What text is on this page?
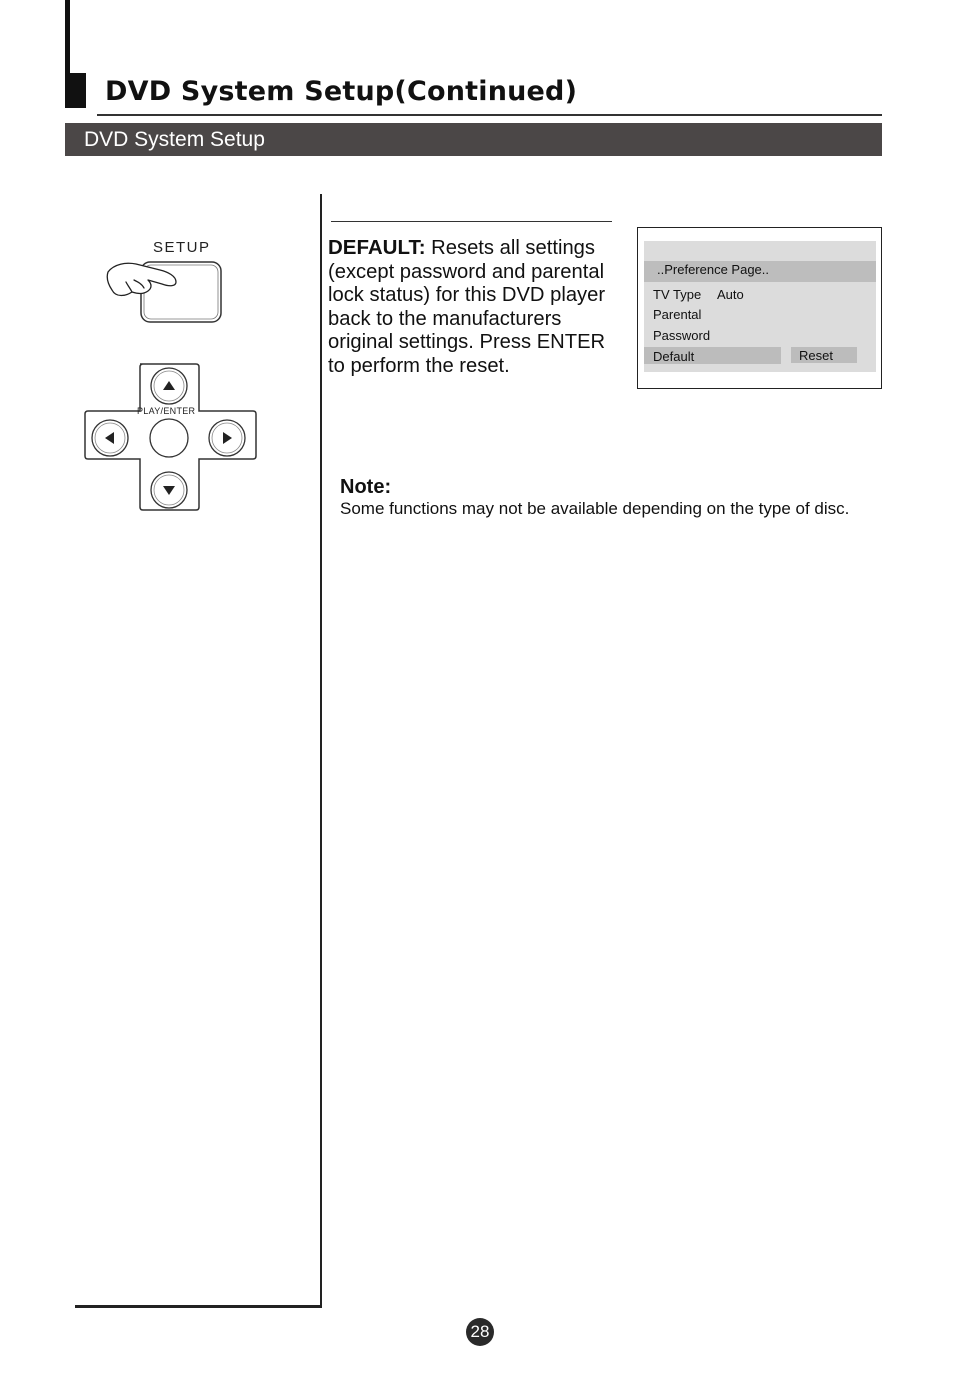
DVD System Setup(Continued)
DVD System Setup
SETUP
PLAY/ENTER
DEFAULT: Resets all settings (except password and parental lock status) for this DVD player back to the manufacturers original settings. Press ENTER to perform the reset.
..Preference Page..
TV Type Auto
Parental
Password
Default	Reset
Note:
Some functions may not be available depending on the type of disc.
28
